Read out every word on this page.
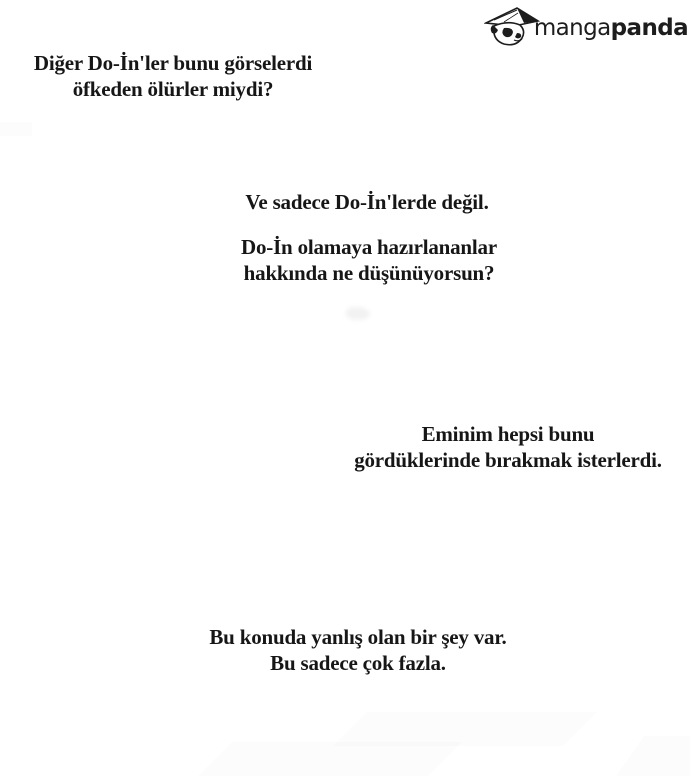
mangapanda
Diğer Do-İn'ler bunu görselerdi
öfkeden ölürler miydi?
Ve sadece Do-İn'lerde değil.
Do-İn olamaya hazırlananlar
hakkında ne düşünüyorsun?
Eminim hepsi bunu
gördüklerinde bırakmak isterlerdi.
Bu konuda yanlış olan bir şey var.
Bu sadece çok fazla.
